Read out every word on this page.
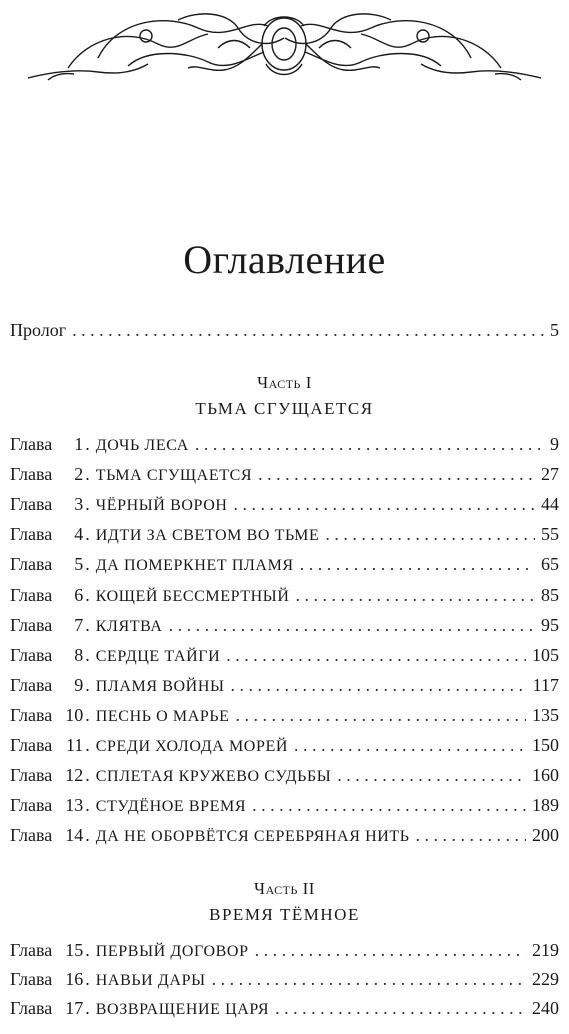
Оглавление
Пролог . . .	5
Часть I
ТЬМА СГУЩАЕТСЯ
Глава 1 . ДОЧЬ ЛЕСА . . .	9
Глава 2 . ТЬМА СГУЩАЕТСЯ . . .	27
Глава 3 . ЧЁРНЫЙ ВОРОН . . .	44
Глава 4 . ИДТИ ЗА СВЕТОМ ВО ТЬМЕ . . .	55
Глава 5 . ДА ПОМЕРКНЕТ ПЛАМЯ . . .	65
Глава 6 . КОЩЕЙ БЕССМЕРТНЫЙ . . .	85
Глава 7 . КЛЯТВА . . .	95
Глава 8 . СЕРДЦЕ ТАЙГИ . . .	105
Глава 9 . ПЛАМЯ ВОЙНЫ . . .	117
Глава 10 . ПЕСНЬ О МАРЬЕ . . .	135
Глава 11 . СРЕДИ ХОЛОДА МОРЕЙ . . .	150
Глава 12 . СПЛЕТАЯ КРУЖЕВО СУДЬБЫ . . .	160
Глава 13 . СТУДЁНОЕ ВРЕМЯ . . .	189
Глава 14 . ДА НЕ ОБОРВЁТСЯ СЕРЕБРЯНАЯ НИТЬ . . .	200
Часть II
ВРЕМЯ ТЁМНОЕ
Глава 15 . ПЕРВЫЙ ДОГОВОР . . .	219
Глава 16 . НАВЬИ ДАРЫ . . .	229
Глава 17 . ВОЗВРАЩЕНИЕ ЦАРЯ . . .	240
